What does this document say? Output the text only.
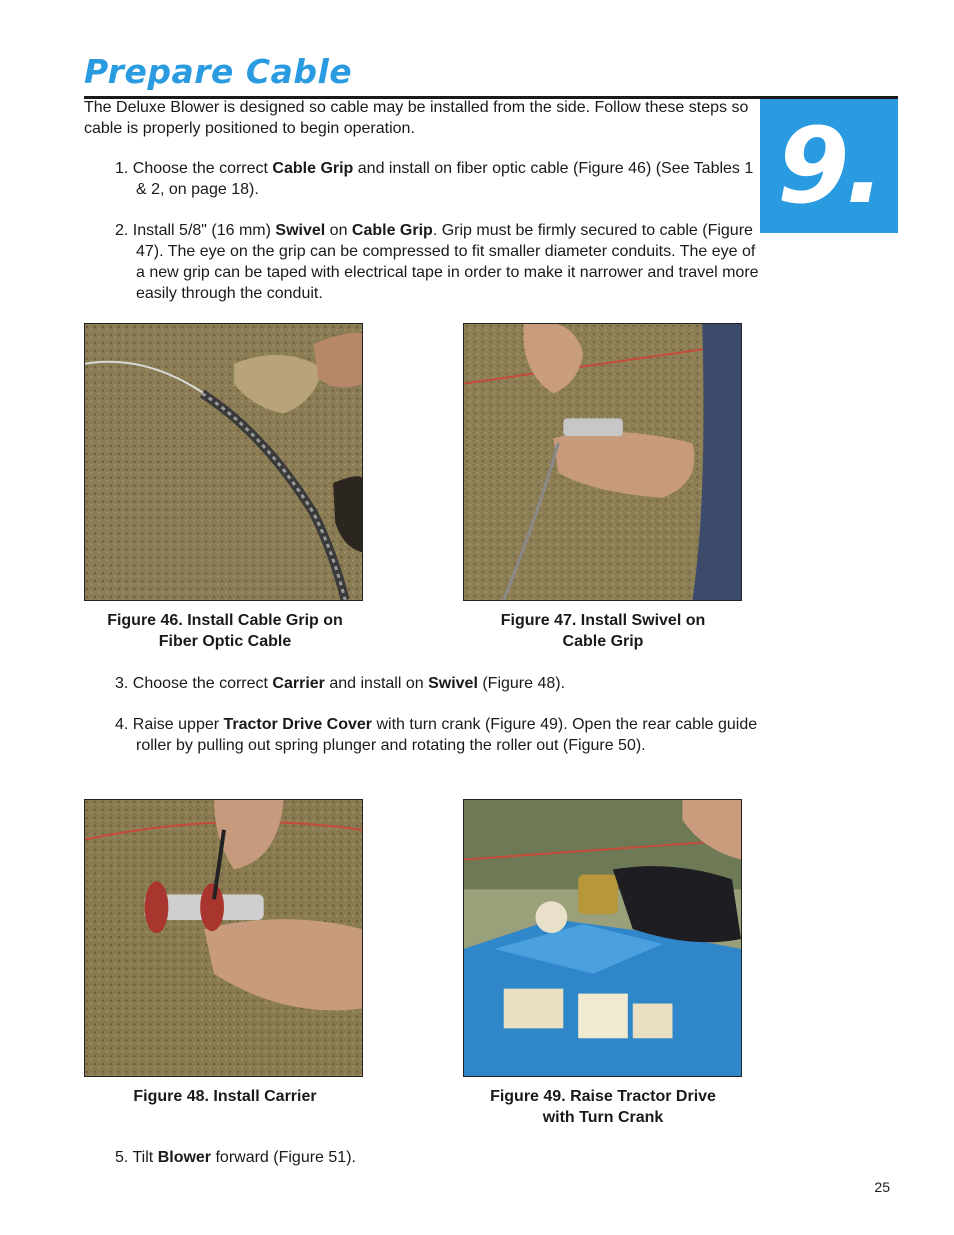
Prepare Cable
9.

The Deluxe Blower is designed so cable may be installed from the side. Follow these steps so cable is properly positioned to begin operation.

1. Choose the correct Cable Grip and install on fiber optic cable (Figure 46) (See Tables 1 & 2, on page 18).

2. Install 5/8" (16 mm) Swivel on Cable Grip. Grip must be firmly secured to cable (Figure 47). The eye on the grip can be compressed to fit smaller diameter conduits. The eye of a new grip can be taped with electrical tape in order to make it narrower and travel more easily through the conduit.

Figure 46. Install Cable Grip on
Fiber Optic Cable

Figure 47. Install Swivel on
Cable Grip

3. Choose the correct Carrier and install on Swivel (Figure 48).

4. Raise upper Tractor Drive Cover with turn crank (Figure 49). Open the rear cable guide roller by pulling out spring plunger and rotating the roller out (Figure 50).

Figure 48. Install Carrier	Figure 49. Raise Tractor Drive
with Turn Crank

5. Tilt Blower forward (Figure 51).

25
